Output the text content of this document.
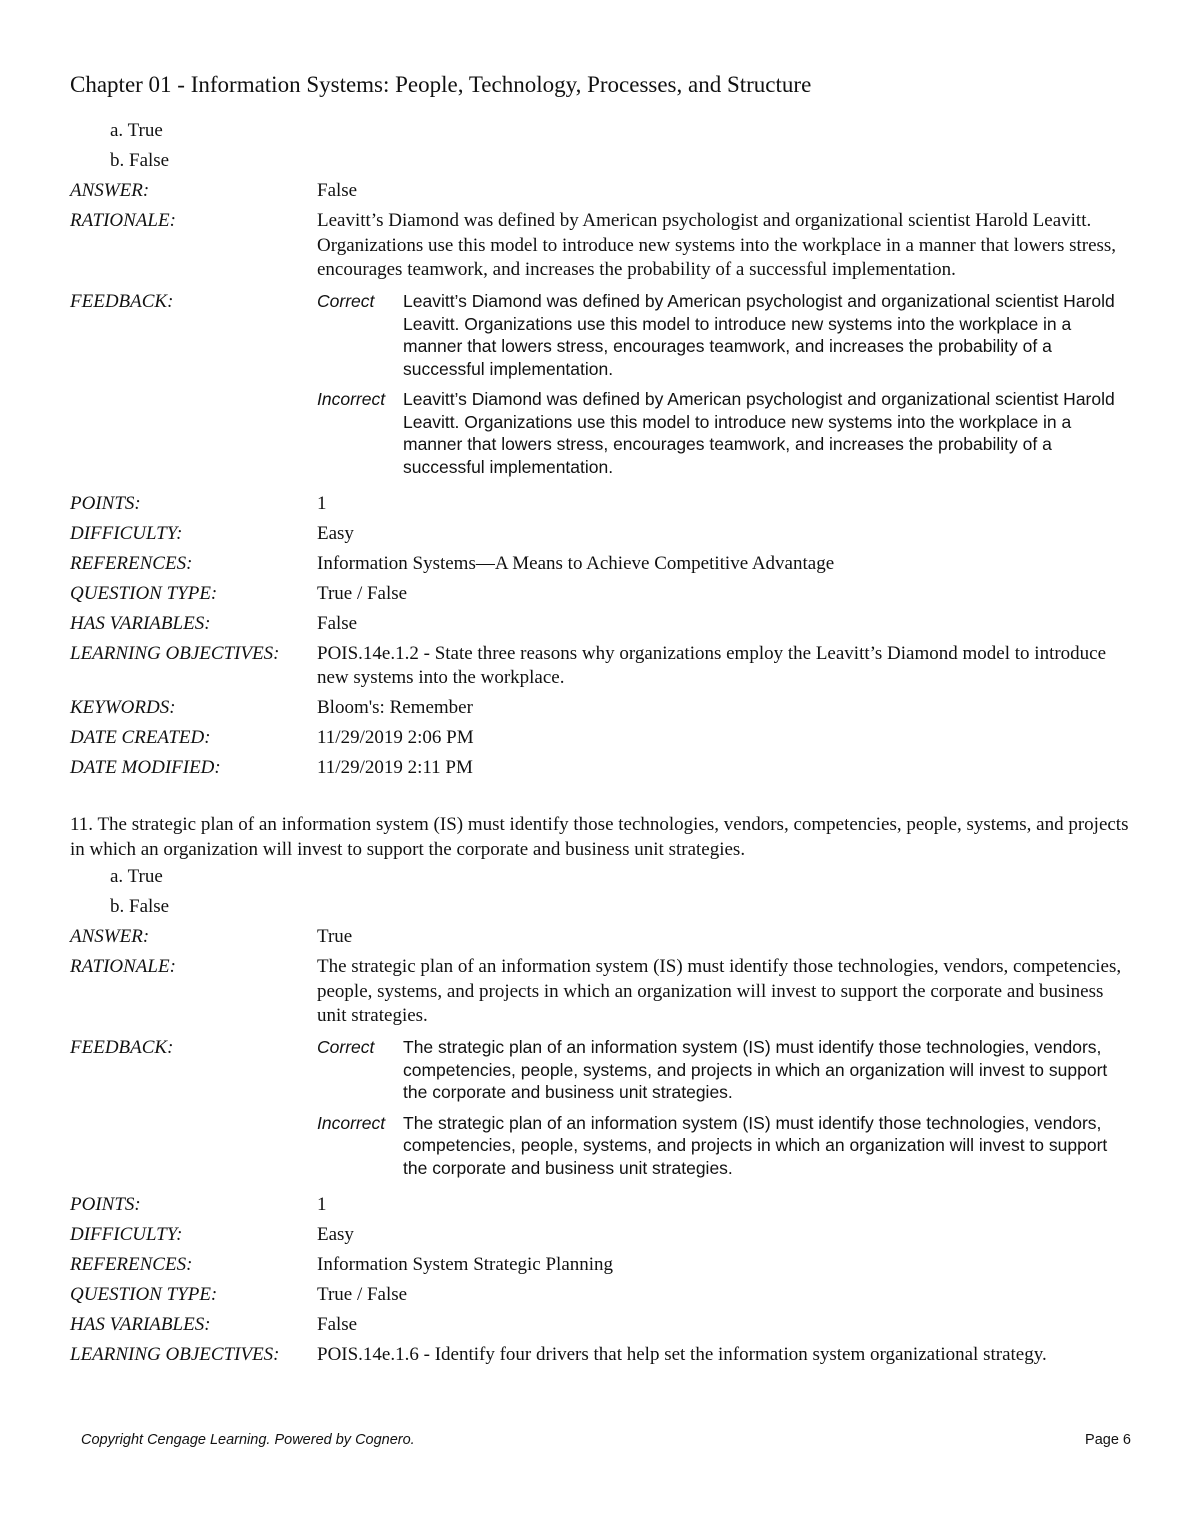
Chapter 01 - Information Systems: People, Technology, Processes, and Structure
a. True
b. False
ANSWER:	False
RATIONALE:	Leavitt’s Diamond was defined by American psychologist and organizational scientist Harold Leavitt. Organizations use this model to introduce new systems into the workplace in a manner that lowers stress, encourages teamwork, and increases the probability of a successful implementation.
FEEDBACK:	Correct	Leavitt’s Diamond was defined by American psychologist and organizational scientist Harold Leavitt. Organizations use this model to introduce new systems into the workplace in a manner that lowers stress, encourages teamwork, and increases the probability of a successful implementation.
Incorrect	Leavitt’s Diamond was defined by American psychologist and organizational scientist Harold Leavitt. Organizations use this model to introduce new systems into the workplace in a manner that lowers stress, encourages teamwork, and increases the probability of a successful implementation.
POINTS:	1
DIFFICULTY:	Easy
REFERENCES:	Information Systems—A Means to Achieve Competitive Advantage
QUESTION TYPE:	True / False
HAS VARIABLES:	False
LEARNING OBJECTIVES:	POIS.14e.1.2 - State three reasons why organizations employ the Leavitt’s Diamond model to introduce new systems into the workplace.
KEYWORDS:	Bloom's: Remember
DATE CREATED:	11/29/2019 2:06 PM
DATE MODIFIED:	11/29/2019 2:11 PM
11. The strategic plan of an information system (IS) must identify those technologies, vendors, competencies, people, systems, and projects in which an organization will invest to support the corporate and business unit strategies.
a. True
b. False
ANSWER:	True
RATIONALE:	The strategic plan of an information system (IS) must identify those technologies, vendors, competencies, people, systems, and projects in which an organization will invest to support the corporate and business unit strategies.
FEEDBACK:	Correct	The strategic plan of an information system (IS) must identify those technologies, vendors, competencies, people, systems, and projects in which an organization will invest to support the corporate and business unit strategies.
Incorrect	The strategic plan of an information system (IS) must identify those technologies, vendors, competencies, people, systems, and projects in which an organization will invest to support the corporate and business unit strategies.
POINTS:	1
DIFFICULTY:	Easy
REFERENCES:	Information System Strategic Planning
QUESTION TYPE:	True / False
HAS VARIABLES:	False
LEARNING OBJECTIVES:	POIS.14e.1.6 - Identify four drivers that help set the information system organizational strategy.
Copyright Cengage Learning. Powered by Cognero.	Page 6
